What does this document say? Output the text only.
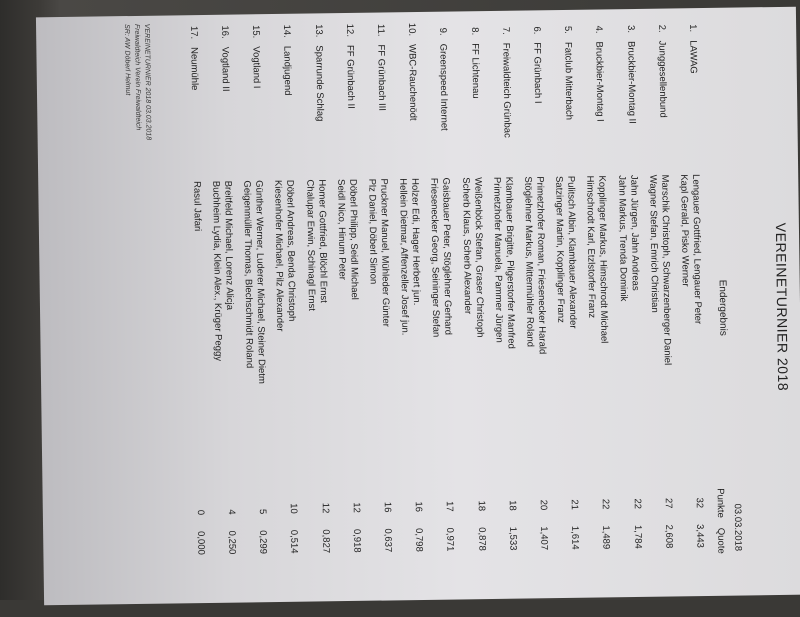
VEREINETURNIER 2018
03.03.2018
Endergebnis
Punkte
Quote
1.
LAWAG
Lengauer Gottfried, Lengauer Peter
Kapl Gerald, Pisko Werner
32
3,443
2.
Junggesellenbund
Marschik Christoph, Schwarzenberger Daniel
Wagner Stefan, Emrich Christian
27
2,608
3.
Bruckbier-Montag II
Jahn Jürgen, Jahn Andreas
Jahn Markus, Trenda Dominik
22
1,784
4.
Bruckbier-Montag I
Kopplinger Markus, Himschrodt Michael
Himschrodt Karl, Etzlstorfer Franz
22
1,489
5.
Fatclub Mitterbach
Pulitsch Albin, Klambauer Alexander
Satzinger Martin, Kopplinger Franz
21
1,614
6.
FF Grünbach I
Primetzhofer Roman, Friesenecker Harald
Stöglehner Markus, Mittermühler Roland
20
1,407
7.
Freiwaldteich Grünbac
Klambauer Brigitte, Pilgerstorfer Manfred
Primetzhofer Manuela, Pammer Jürgen
18
1,533
8.
FF Lichtenau
Weißenböck Stefan, Graser Christoph
Scherb Klaus, Scherb Alexander
18
0,878
9.
Greenspeed Internet
Gaisbauer Peter, Stöglehner Gerhard
Friesenecker Georg, Seininger Stefan
17
0,971
10.
WBC-Rauchenödt
Holzer Edi, Hager Herbert jun.
Hellein Dietmar, Affenzeller Josef jun.
16
0,798
11.
FF Grünbach III
Pruckner Manuel, Mühleder Günter
Plz Daniel, Döberl Simon
16
0,637
12.
FF Grünbach II
Döberl Philipp, Seidl Michael
Seidl Nico, Hinum Peter
12
0,918
13.
Sparrunde Schlag
Homer Gottfried, Blöchl Ernst
Chalupar Erwin, Schinagl Ernst
12
0,827
14.
Landjugend
Döberl Andreas, Benda Christoph
Kiesenhofer Michael, Pilz Alexander
10
0,514
15.
Vogtland I
Günther Werner, Luderer Michael, Steiner Dietm
Geigenmüller Thomas, Blechschmidt Roland
5
0,299
16.
Vogtland II
Breitfeld Michael, Lorenz Alicja
Buchheim Lydia, Klein Alex., Krüger Peggy
4
0,250
17.
Neumühle
Rasul Jafari
0
0,000
VEREINETURNIER 2018 03.03.2018
Freiwaldteich Verein Freiwaldteich
SR: AW Döberl Helmut
